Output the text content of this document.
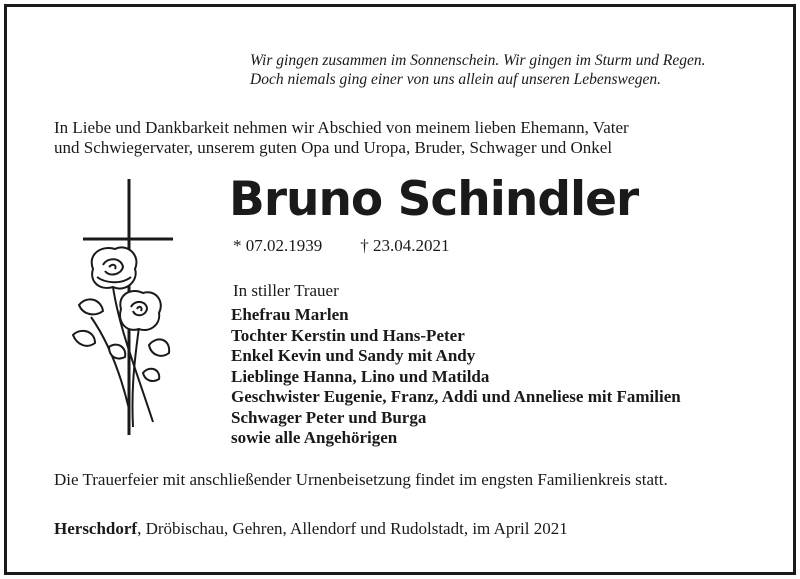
Wir gingen zusammen im Sonnenschein. Wir gingen im Sturm und Regen.
Doch niemals ging einer von uns allein auf unseren Lebenswegen.
In Liebe und Dankbarkeit nehmen wir Abschied von meinem lieben Ehemann, Vater
und Schwiegervater, unserem guten Opa und Uropa, Bruder, Schwager und Onkel
Bruno Schindler
* 07.02.1939 † 23.04.2021
In stiller Trauer
Ehefrau Marlen
Tochter Kerstin und Hans-Peter
Enkel Kevin und Sandy mit Andy
Lieblinge Hanna, Lino und Matilda
Geschwister Eugenie, Franz, Addi und Anneliese mit Familien
Schwager Peter und Burga
sowie alle Angehörigen
Die Trauerfeier mit anschließender Urnenbeisetzung findet im engsten Familienkreis statt.
Herschdorf, Dröbischau, Gehren, Allendorf und Rudolstadt, im April 2021
